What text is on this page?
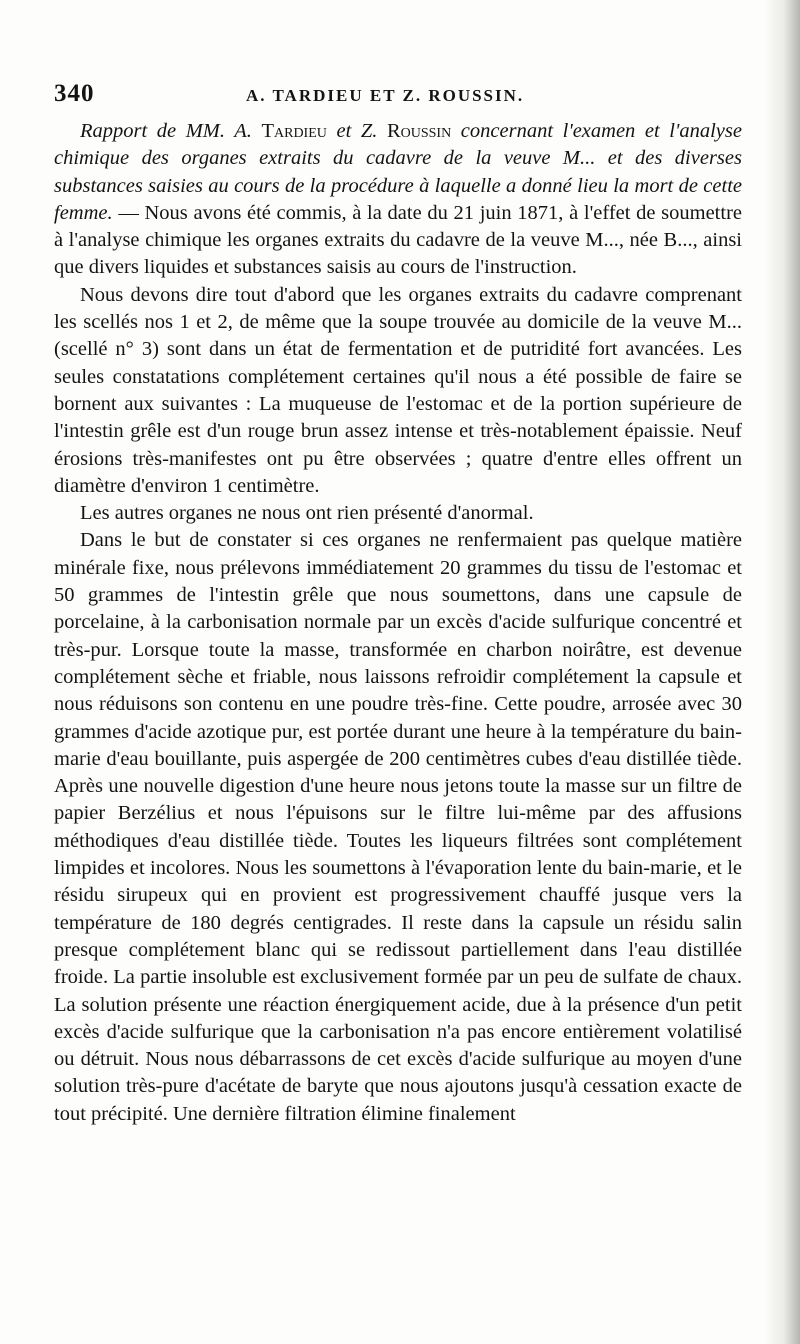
340	A. TARDIEU ET Z. ROUSSIN.

Rapport de MM. A. Tardieu et Z. Roussin concernant l'examen et l'analyse chimique des organes extraits du cadavre de la veuve M... et des diverses substances saisies au cours de la procédure à laquelle a donné lieu la mort de cette femme. — Nous avons été commis, à la date du 21 juin 1871, à l'effet de soumettre à l'analyse chimique les organes extraits du cadavre de la veuve M..., née B..., ainsi que divers liquides et substances saisis au cours de l'instruction.

Nous devons dire tout d'abord que les organes extraits du cadavre comprenant les scellés nos 1 et 2, de même que la soupe trouvée au domicile de la veuve M... (scellé n° 3) sont dans un état de fermentation et de putridité fort avancées. Les seules constatations complétement certaines qu'il nous a été possible de faire se bornent aux suivantes : La muqueuse de l'estomac et de la portion supérieure de l'intestin grêle est d'un rouge brun assez intense et très-notablement épaissie. Neuf érosions très-manifestes ont pu être observées ; quatre d'entre elles offrent un diamètre d'environ 1 centimètre.

Les autres organes ne nous ont rien présenté d'anormal.

Dans le but de constater si ces organes ne renfermaient pas quelque matière minérale fixe, nous prélevons immédiatement 20 grammes du tissu de l'estomac et 50 grammes de l'intestin grêle que nous soumettons, dans une capsule de porcelaine, à la carbonisation normale par un excès d'acide sulfurique concentré et très-pur. Lorsque toute la masse, transformée en charbon noirâtre, est devenue complétement sèche et friable, nous laissons refroidir complétement la capsule et nous réduisons son contenu en une poudre très-fine. Cette poudre, arrosée avec 30 grammes d'acide azotique pur, est portée durant une heure à la température du bain-marie d'eau bouillante, puis aspergée de 200 centimètres cubes d'eau distillée tiède. Après une nouvelle digestion d'une heure nous jetons toute la masse sur un filtre de papier Berzélius et nous l'épuisons sur le filtre lui-même par des affusions méthodiques d'eau distillée tiède. Toutes les liqueurs filtrées sont complétement limpides et incolores. Nous les soumettons à l'évaporation lente du bain-marie, et le résidu sirupeux qui en provient est progressivement chauffé jusque vers la température de 180 degrés centigrades. Il reste dans la capsule un résidu salin presque complétement blanc qui se redissout partiellement dans l'eau distillée froide. La partie insoluble est exclusivement formée par un peu de sulfate de chaux. La solution présente une réaction énergiquement acide, due à la présence d'un petit excès d'acide sulfurique que la carbonisation n'a pas encore entièrement volatilisé ou détruit. Nous nous débarrassons de cet excès d'acide sulfurique au moyen d'une solution très-pure d'acétate de baryte que nous ajoutons jusqu'à cessation exacte de tout précipité. Une dernière filtration élimine finalement
